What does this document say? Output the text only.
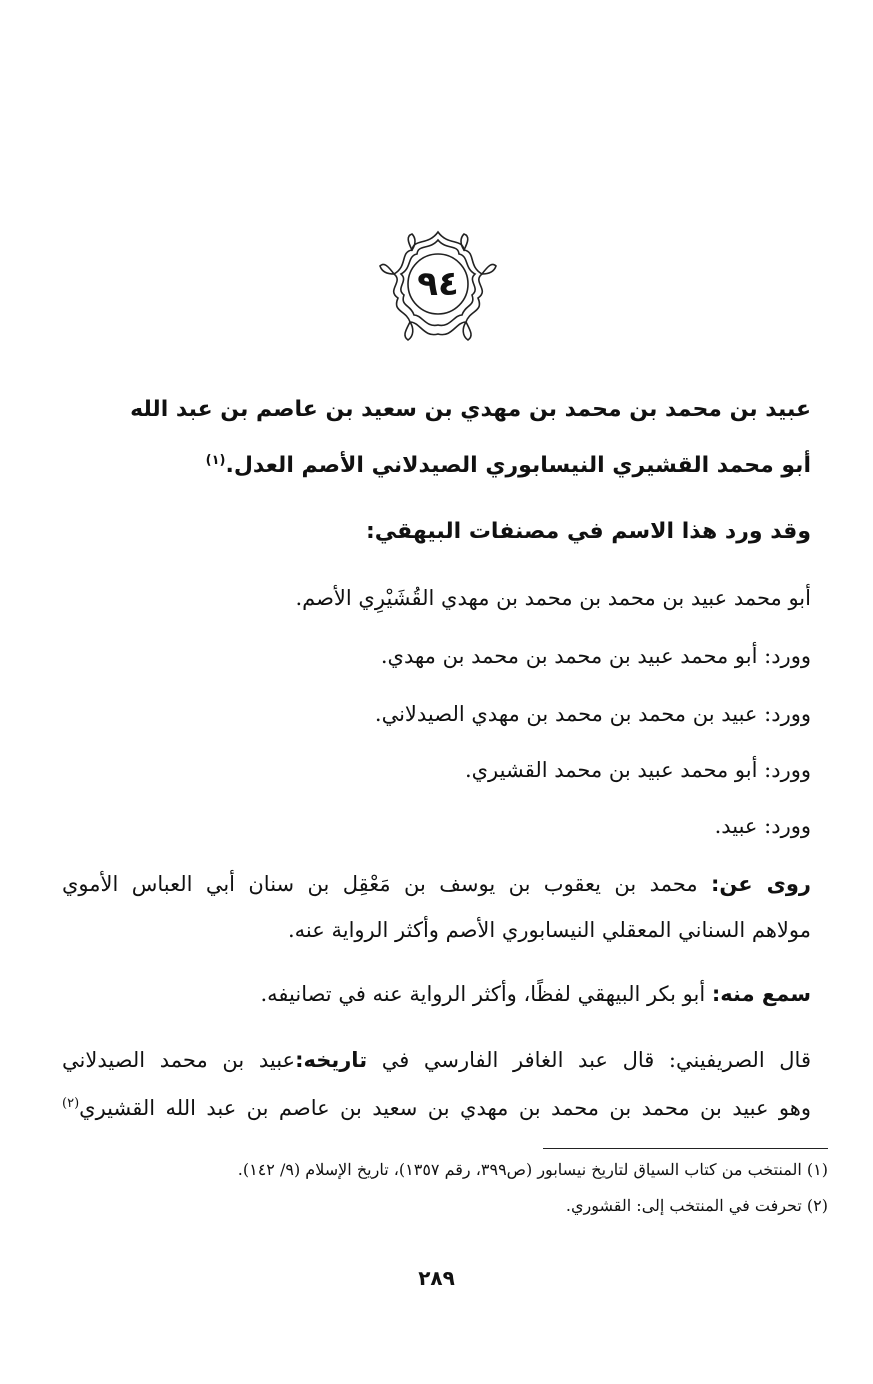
٩٤
عبيد بن محمد بن محمد بن مهدي بن سعيد بن عاصم بن عبد الله
أبو محمد القشيري النيسابوري الصيدلاني الأصم العدل.$^{(١)}$
وقد ورد هذا الاسم في مصنفات البيهقي:
أبو محمد عبيد بن محمد بن محمد بن مهدي القُشَيْرِي الأصم.
وورد: أبو محمد عبيد بن محمد بن محمد بن مهدي.
وورد: عبيد بن محمد بن محمد بن مهدي الصيدلاني.
وورد: أبو محمد عبيد بن محمد القشيري.
وورد: عبيد.
روى عن: محمد بن يعقوب بن يوسف بن مَعْقِل بن سنان أبي العباس الأموي
مولاهم السناني المعقلي النيسابوري الأصم وأكثر الرواية عنه.
سمع منه: أبو بكر البيهقي لفظًا، وأكثر الرواية عنه في تصانيفه.
قال الصريفيني: قال عبد الغافر الفارسي في تاريخه:عبيد بن محمد الصيدلاني
وهو عبيد بن محمد بن محمد بن مهدي بن سعيد بن عاصم بن عبد الله القشيري$^{(٢)}$
(١) المنتخب من كتاب السياق لتاريخ نيسابور (ص٣٩٩، رقم ١٣٥٧)، تاريخ الإسلام (٩/ ١٤٢).
(٢) تحرفت في المنتخب إلى: القشوري.
٢٨٩
